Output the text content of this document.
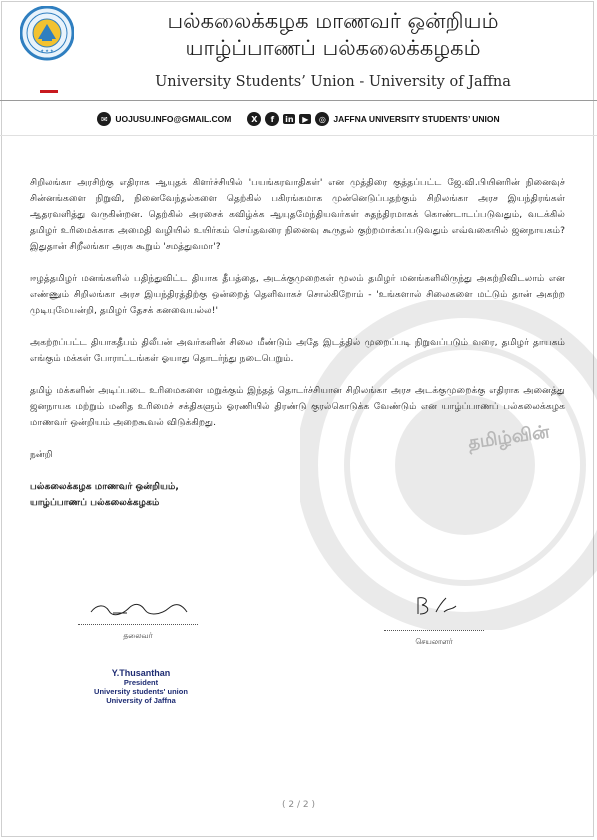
★ ★ ★
பல்கலைக்கழக மாணவர் ஒன்றியம்
யாழ்ப்பாணப் பல்கலைக்கழகம்
University Students’ Union - University of Jaffna
✉ UOJUSU.INFO@GMAIL.COM	X	f	in	▶	◎ JAFFNA UNIVERSITY STUDENTS’ UNION
தமிழ்வின்

சிறிலங்கா அரசிற்கு எதிராக ஆயுதக் கிளர்ச்சியில் 'பயங்கரவாதிகள்' என முத்திரை குத்தப்பட்ட ஜே.வி.பியினரின் நினைவுச் சின்னங்களை நிறுவி, நினைவேந்தல்களை தெற்கில் பகிரங்கமாக முன்னெடுப்பதற்கும் சிறிலங்கா அரச இயந்திரங்கள் ஆதரவளித்து வருகின்றன. தெற்கில் அரசைக் கவிழ்க்க ஆயுதமேந்தியவர்கள் சுதந்திரமாகக் கொண்டாடப்படுவதும், வடக்கில் தமிழர் உரிமைக்காக அமைதி வழியில் உயிர்கம் செய்தவரை நினைவு கூருதல் குற்றமாக்கப்படுவதும் எவ்வகையில் ஜனநாயகம்? இதுதான் சிறீலங்கா அரசு கூறும் 'சமத்துவமா'?

ஈழத்தமிழர் மனங்களில் பதிந்துவிட்ட தியாக தீபத்தை, அடக்குமுறைகள் மூலம் தமிழர் மனங்களிலிருந்து அகற்றிவிடலாம் என எண்ணும் சிறிலங்கா அரச இயந்திரத்திற்கு ஒன்றைத் தெளிவாகச் சொல்கிறோம் - 'உங்களால் சிலைகளை மட்டும் தான் அகற்ற முடியுமேயன்றி, தமிழர் தேசக் கனவையல்ல!'

அகற்றப்பட்ட தியாகதீபம் திலீபன் அவர்களின் சிலை மீண்டும் அதே இடத்தில் முறைப்படி நிறுவப்படும் வரை, தமிழர் தாயகம் எங்கும் மக்கள் போராட்டங்கள் ஓயாது தொடர்ந்து நடைபெறும்.

தமிழ் மக்களின் அடிப்படை உரிமைகளை மறுக்கும் இந்தத் தொடர்ச்சியான சிறிலங்கா அரச அடக்குமுறைக்கு எதிராக அனைத்து ஜனநாயக மற்றும் மனித உரிமைச் சக்திகளும் ஓரணியில் திரண்டு குரல்கொடுக்க வேண்டும் என யாழ்ப்பாணப் பல்கலைக்கழக மாணவர் ஒன்றியம் அறைகூவல் விடுக்கிறது.

நன்றி

பல்கலைக்கழக மாணவர் ஒன்றியம்,
யாழ்ப்பாணப் பல்கலைக்கழகம்
தலைவர்
செயலாளர்
Y.Thusanthan
President
University students' union
University of Jaffna
( 2 / 2 )
